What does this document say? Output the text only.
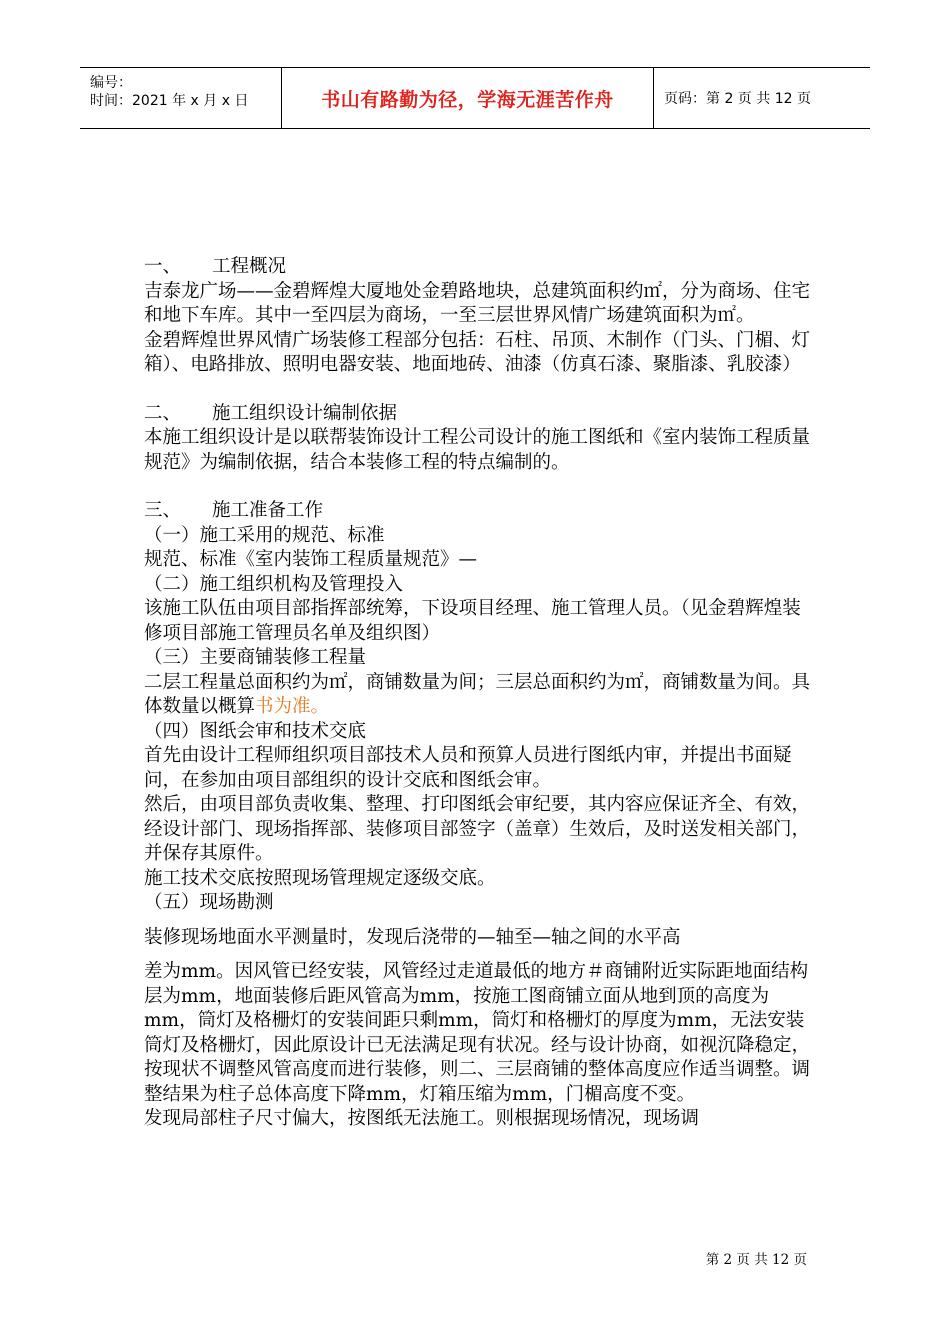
编号：
时间：2021 年 x 月 x 日	书山有路勤为径，学海无涯苦作舟	页码：第 2 页 共 12 页

一、 工程概况

吉泰龙广场——金碧辉煌大厦地处金碧路地块，总建筑面积约㎡，分为商场、住宅和地下车库。其中一至四层为商场，一至三层世界风情广场建筑面积为㎡。

金碧辉煌世界风情广场装修工程部分包括：石柱、吊顶、木制作（门头、门楣、灯箱）、电路排放、照明电器安装、地面地砖、油漆（仿真石漆、聚脂漆、乳胶漆）

二、 施工组织设计编制依据

本施工组织设计是以联帮装饰设计工程公司设计的施工图纸和《室内装饰工程质量规范》为编制依据，结合本装修工程的特点编制的。

三、 施工准备工作

（一）施工采用的规范、标准

规范、标准《室内装饰工程质量规范》—

（二）施工组织机构及管理投入

该施工队伍由项目部指挥部统筹，下设项目经理、施工管理人员。（见金碧辉煌装修项目部施工管理员名单及组织图）

（三）主要商铺装修工程量

二层工程量总面积约为㎡，商铺数量为间；三层总面积约为㎡，商铺数量为间。具体数量以概算书为准。

（四）图纸会审和技术交底

首先由设计工程师组织项目部技术人员和预算人员进行图纸内审，并提出书面疑问，在参加由项目部组织的设计交底和图纸会审。

然后，由项目部负责收集、整理、打印图纸会审纪要，其内容应保证齐全、有效，经设计部门、现场指挥部、装修项目部签字（盖章）生效后，及时送发相关部门，并保存其原件。

施工技术交底按照现场管理规定逐级交底。

（五）现场勘测

装修现场地面水平测量时，发现后浇带的—轴至—轴之间的水平高

差为mm。因风管已经安装，风管经过走道最低的地方＃商铺附近实际距地面结构层为mm，地面装修后距风管高为mm，按施工图商铺立面从地到顶的高度为mm，筒灯及格栅灯的安装间距只剩mm，筒灯和格栅灯的厚度为mm，无法安装筒灯及格栅灯，因此原设计已无法满足现有状况。经与设计协商，如视沉降稳定，按现状不调整风管高度而进行装修，则二、三层商铺的整体高度应作适当调整。调整结果为柱子总体高度下降mm，灯箱压缩为mm，门楣高度不变。

发现局部柱子尺寸偏大，按图纸无法施工。则根据现场情况，现场调

第 2 页 共 12 页
